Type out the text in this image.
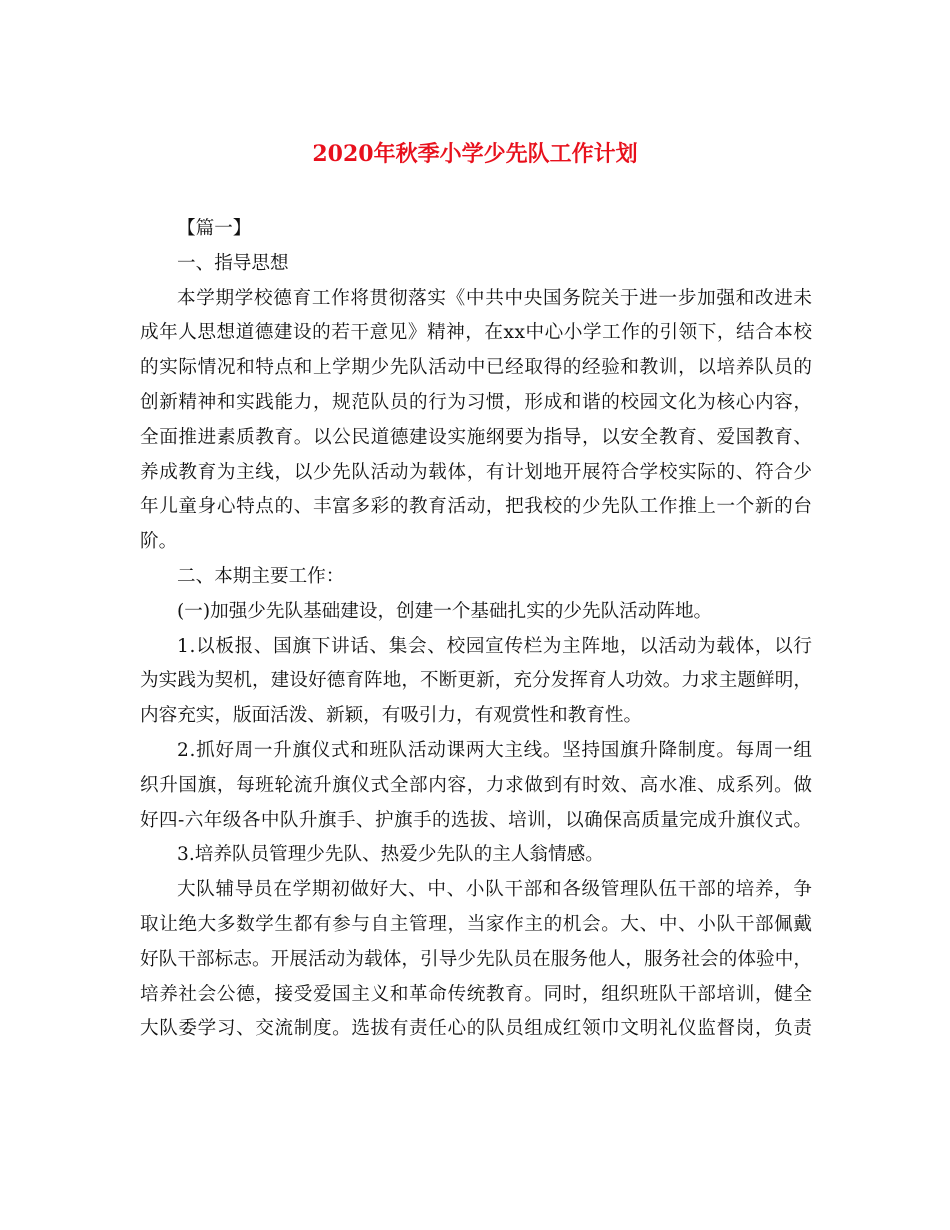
2020年秋季小学少先队工作计划
【篇一】
一、指导思想
本学期学校德育工作将贯彻落实《中共中央国务院关于进一步加强和改进未
成年人思想道德建设的若干意见》精神，在xx中心小学工作的引领下，结合本校
的实际情况和特点和上学期少先队活动中已经取得的经验和教训，以培养队员的
创新精神和实践能力，规范队员的行为习惯，形成和谐的校园文化为核心内容，
全面推进素质教育。以公民道德建设实施纲要为指导，以安全教育、爱国教育、
养成教育为主线，以少先队活动为载体，有计划地开展符合学校实际的、符合少
年儿童身心特点的、丰富多彩的教育活动，把我校的少先队工作推上一个新的台
阶。
二、本期主要工作：
(一)加强少先队基础建设，创建一个基础扎实的少先队活动阵地。
1.以板报、国旗下讲话、集会、校园宣传栏为主阵地，以活动为载体，以行
为实践为契机，建设好德育阵地，不断更新，充分发挥育人功效。力求主题鲜明，
内容充实，版面活泼、新颖，有吸引力，有观赏性和教育性。
2.抓好周一升旗仪式和班队活动课两大主线。坚持国旗升降制度。每周一组
织升国旗，每班轮流升旗仪式全部内容，力求做到有时效、高水准、成系列。做
好四-六年级各中队升旗手、护旗手的选拔、培训，以确保高质量完成升旗仪式。
3.培养队员管理少先队、热爱少先队的主人翁情感。
大队辅导员在学期初做好大、中、小队干部和各级管理队伍干部的培养，争
取让绝大多数学生都有参与自主管理，当家作主的机会。大、中、小队干部佩戴
好队干部标志。开展活动为载体，引导少先队员在服务他人，服务社会的体验中，
培养社会公德，接受爱国主义和革命传统教育。同时，组织班队干部培训，健全
大队委学习、交流制度。选拔有责任心的队员组成红领巾文明礼仪监督岗，负责
